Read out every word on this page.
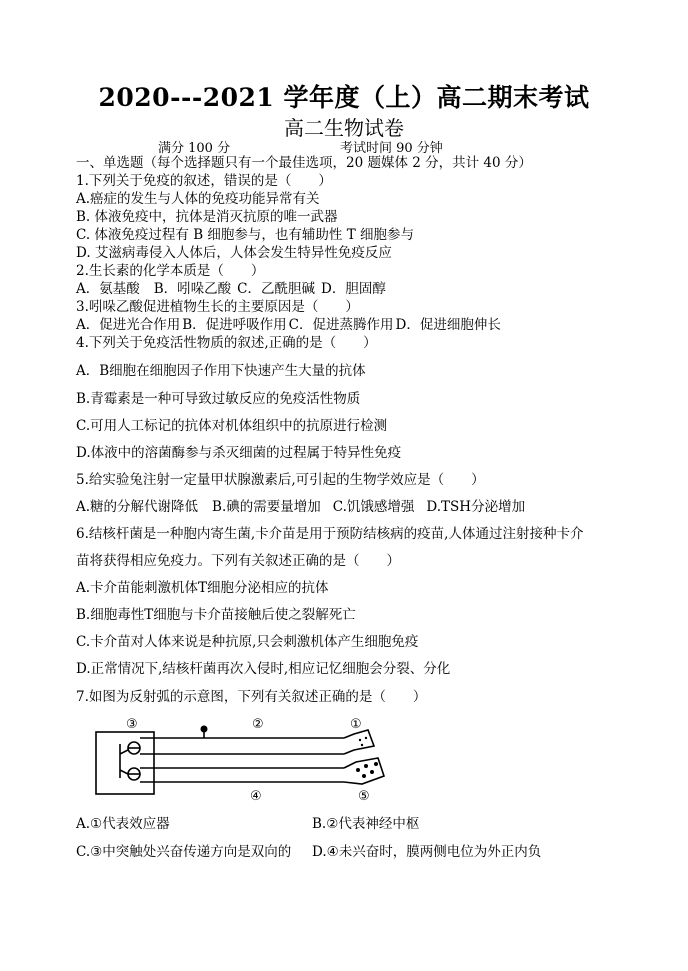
2020---2021 学年度（上）高二期末考试
高二生物试卷
满分 100 分	考试时间 90 分钟
一、单选题（每个选择题只有一个最佳选项，20 题媒体 2 分，共计 40 分）
1.下列关于免疫的叙述，错误的是（　　）
A.癌症的发生与人体的免疫功能异常有关
B. 体液免疫中，抗体是消灭抗原的唯一武器
C. 体液免疫过程有 B 细胞参与，也有辅助性 T 细胞参与
D. 艾滋病毒侵入人体后，人体会发生特异性免疫反应
2.生长素的化学本质是（　　）
A．氨基酸 B．吲哚乙酸 C．乙酰胆碱 D．胆固醇
3.吲哚乙酸促进植物生长的主要原因是（　　）
A．促进光合作用 B．促进呼吸作用 C．促进蒸腾作用 D．促进细胞伸长
4.下列关于免疫活性物质的叙述,正确的是（　　）
A．B细胞在细胞因子作用下快速产生大量的抗体
B.青霉素是一种可导致过敏反应的免疫活性物质
C.可用人工标记的抗体对机体组织中的抗原进行检测
D.体液中的溶菌酶参与杀灭细菌的过程属于特异性免疫
5.给实验兔注射一定量甲状腺激素后,可引起的生物学效应是（　　）
A.糖的分解代谢降低 B.碘的需要量增加 C.饥饿感增强 D.TSH分泌增加
6.结核杆菌是一种胞内寄生菌,卡介苗是用于预防结核病的疫苗,人体通过注射接种卡介
苗将获得相应免疫力。下列有关叙述正确的是（　　）
A.卡介苗能刺激机体T细胞分泌相应的抗体
B.细胞毒性T细胞与卡介苗接触后使之裂解死亡
C.卡介苗对人体来说是种抗原,只会刺激机体产生细胞免疫
D.正常情况下,结核杆菌再次入侵时,相应记忆细胞会分裂、分化
7.如图为反射弧的示意图，下列有关叙述正确的是（　　）
③	②	①
④	⑤
A.①代表效应器	B.②代表神经中枢
C.③中突触处兴奋传递方向是双向的 D.④未兴奋时，膜两侧电位为外正内负
